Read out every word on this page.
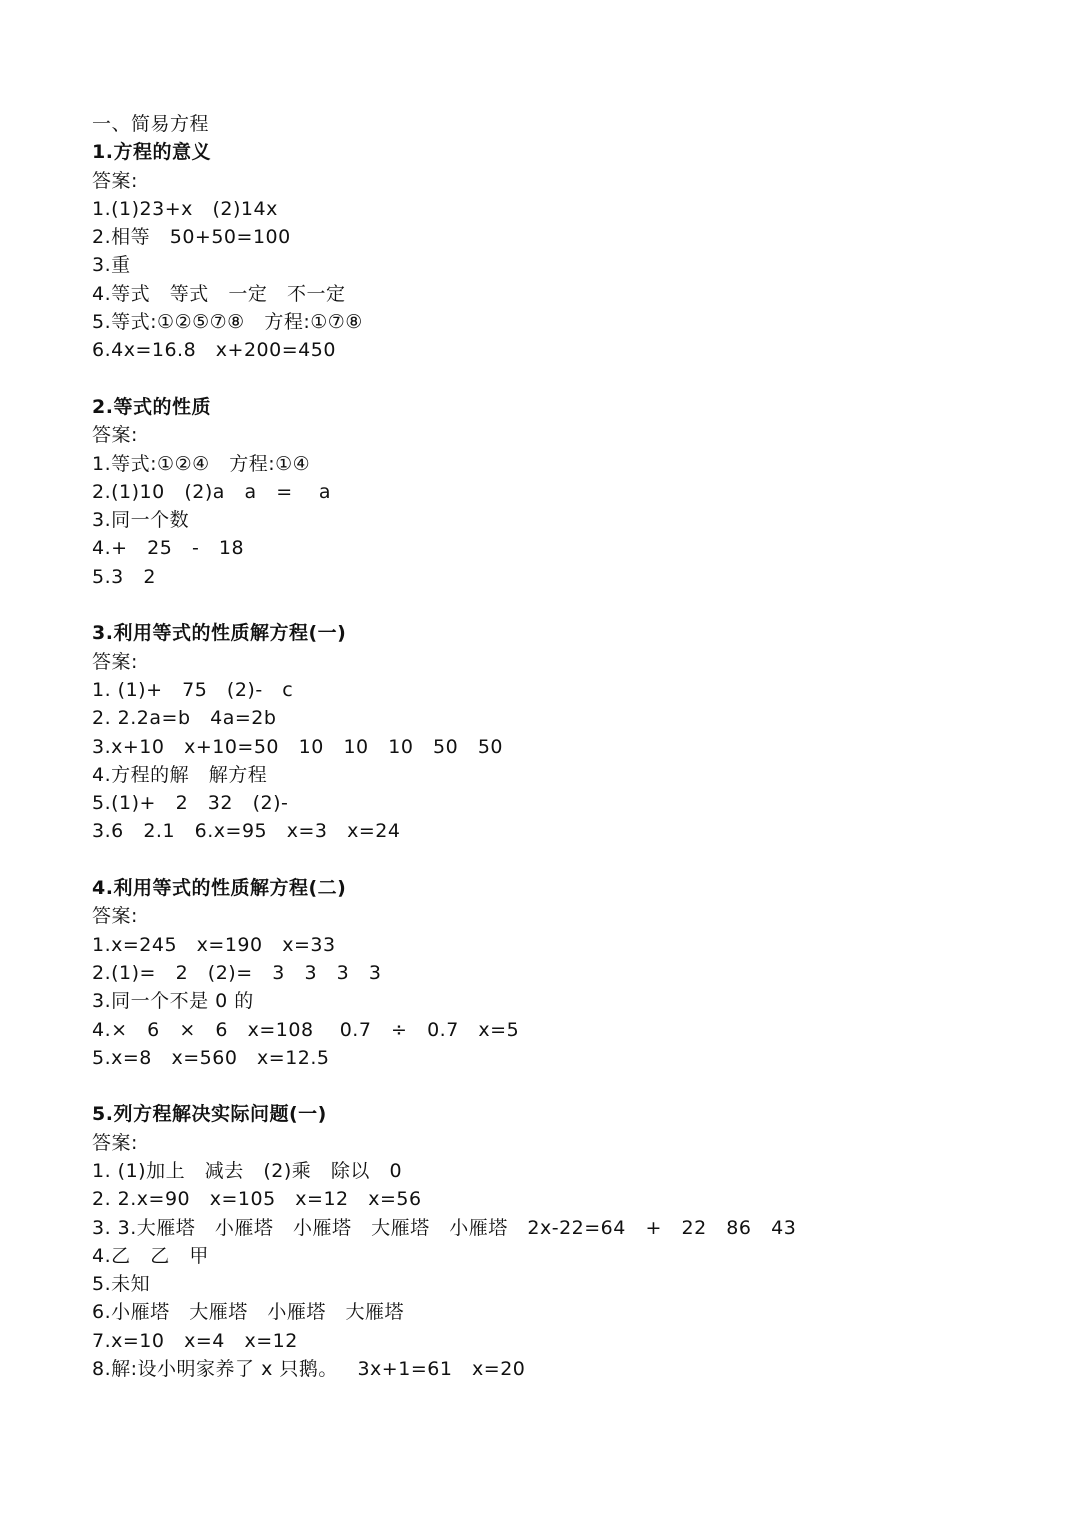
一、简易方程
1.方程的意义
答案:
1.(1)23+x   (2)14x
2.相等   50+50=100
3.重
4.等式   等式   一定   不一定
5.等式:①②⑤⑦⑧   方程:①⑦⑧
6.4x=16.8   x+200=450
2.等式的性质
答案:
1.等式:①②④   方程:①④
2.(1)10   (2)a   a   =    a
3.同一个数
4.+   25   -   18
5.3   2
3.利用等式的性质解方程(一)
答案:
1. (1)+   75   (2)-   c
2. 2.2a=b   4a=2b
3.x+10   x+10=50   10   10   10   50   50
4.方程的解   解方程
5.(1)+   2   32   (2)-
3.6   2.1   6.x=95   x=3   x=24
4.利用等式的性质解方程(二)
答案:
1.x=245   x=190   x=33
2.(1)=   2   (2)=   3   3   3   3
3.同一个不是 0 的
4.×   6   ×   6   x=108    0.7   ÷   0.7   x=5
5.x=8   x=560   x=12.5
5.列方程解决实际问题(一)
答案:
1. (1)加上   减去   (2)乘   除以   0
2. 2.x=90   x=105   x=12   x=56
3. 3.大雁塔   小雁塔   小雁塔   大雁塔   小雁塔   2x-22=64   +   22   86   43
4.乙   乙   甲
5.未知
6.小雁塔   大雁塔   小雁塔   大雁塔
7.x=10   x=4   x=12
8.解:设小明家养了 x 只鹅。   3x+1=61   x=20
